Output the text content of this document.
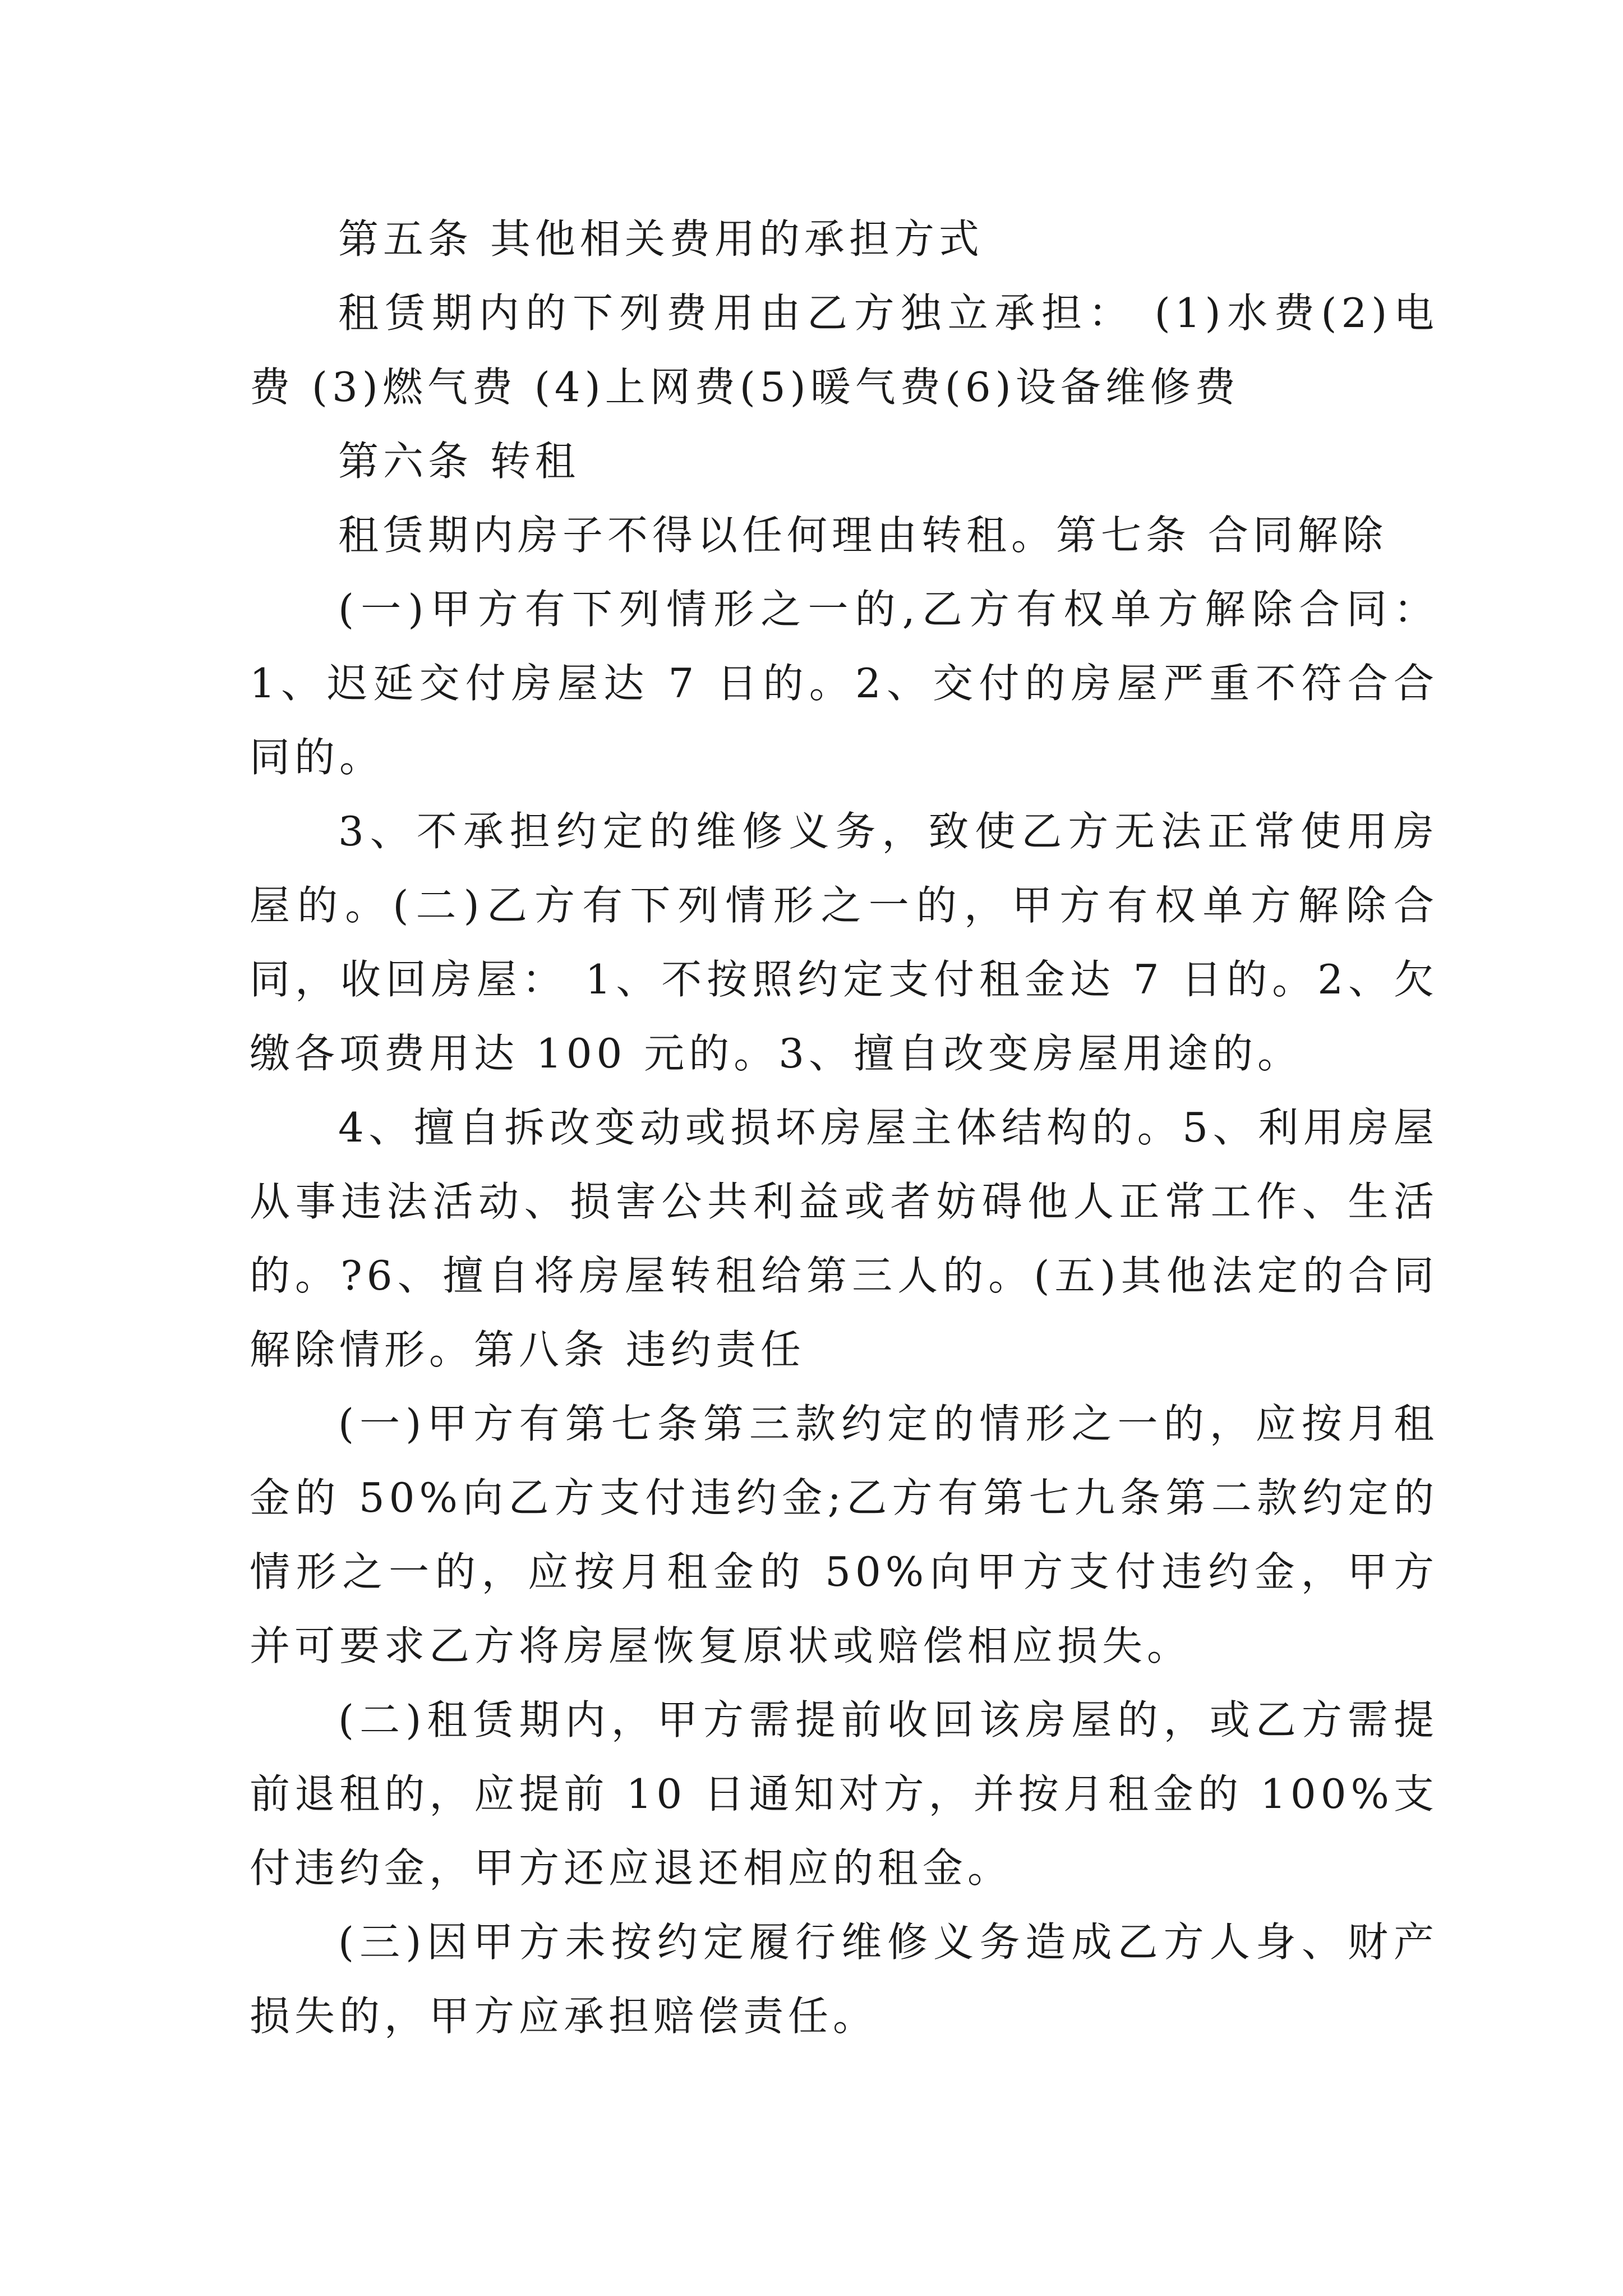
第五条 其他相关费用的承担方式

租赁期内的下列费用由乙方独立承担： (1)水费(2)电费 (3)燃气费 (4)上网费(5)暖气费(6)设备维修费

第六条 转租

租赁期内房子不得以任何理由转租。第七条 合同解除

(一)甲方有下列情形之一的,乙方有权单方解除合同： 1、迟延交付房屋达 7 日的。2、交付的房屋严重不符合合同的。

3、不承担约定的维修义务，致使乙方无法正常使用房屋的。(二)乙方有下列情形之一的，甲方有权单方解除合同，收回房屋： 1、不按照约定支付租金达 7 日的。2、欠缴各项费用达 100 元的。3、擅自改变房屋用途的。

4、擅自拆改变动或损坏房屋主体结构的。5、利用房屋从事违法活动、损害公共利益或者妨碍他人正常工作、生活的。?6、擅自将房屋转租给第三人的。(五)其他法定的合同解除情形。第八条 违约责任

(一)甲方有第七条第三款约定的情形之一的，应按月租金的 50%向乙方支付违约金;乙方有第七九条第二款约定的情形之一的，应按月租金的 50%向甲方支付违约金，甲方并可要求乙方将房屋恢复原状或赔偿相应损失。

(二)租赁期内，甲方需提前收回该房屋的，或乙方需提前退租的，应提前 10 日通知对方，并按月租金的 100%支付违约金，甲方还应退还相应的租金。

(三)因甲方未按约定履行维修义务造成乙方人身、财产损失的，甲方应承担赔偿责任。
